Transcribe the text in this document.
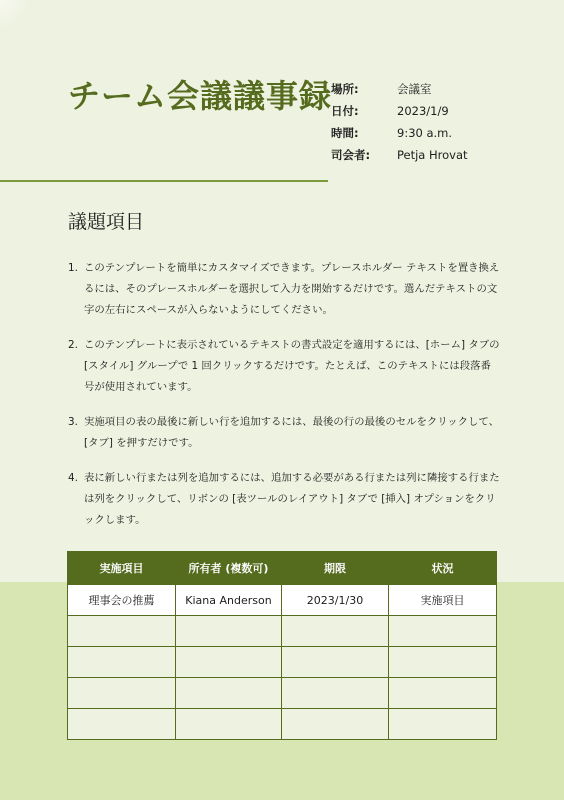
チーム会議議事録
場所:	会議室
日付:	2023/1/9
時間:	9:30 a.m.
司会者:	Petja Hrovat
議題項目
1. このテンプレートを簡単にカスタマイズできます。プレースホルダー テキストを置き換えるには、そのプレースホルダーを選択して入力を開始するだけです。選んだテキストの文字の左右にスペースが入らないようにしてください。
2. このテンプレートに表示されているテキストの書式設定を適用するには、[ホーム] タブの [スタイル] グループで 1 回クリックするだけです。たとえば、このテキストには段落番号が使用されています。
3. 実施項目の表の最後に新しい行を追加するには、最後の行の最後のセルをクリックして、[タブ] を押すだけです。
4. 表に新しい行または列を追加するには、追加する必要がある行または列に隣接する行または列をクリックして、リボンの [表ツールのレイアウト] タブで [挿入] オプションをクリックします。
実施項目	所有者 (複数可)	期限	状況
理事会の推薦	Kiana Anderson	2023/1/30	実施項目
